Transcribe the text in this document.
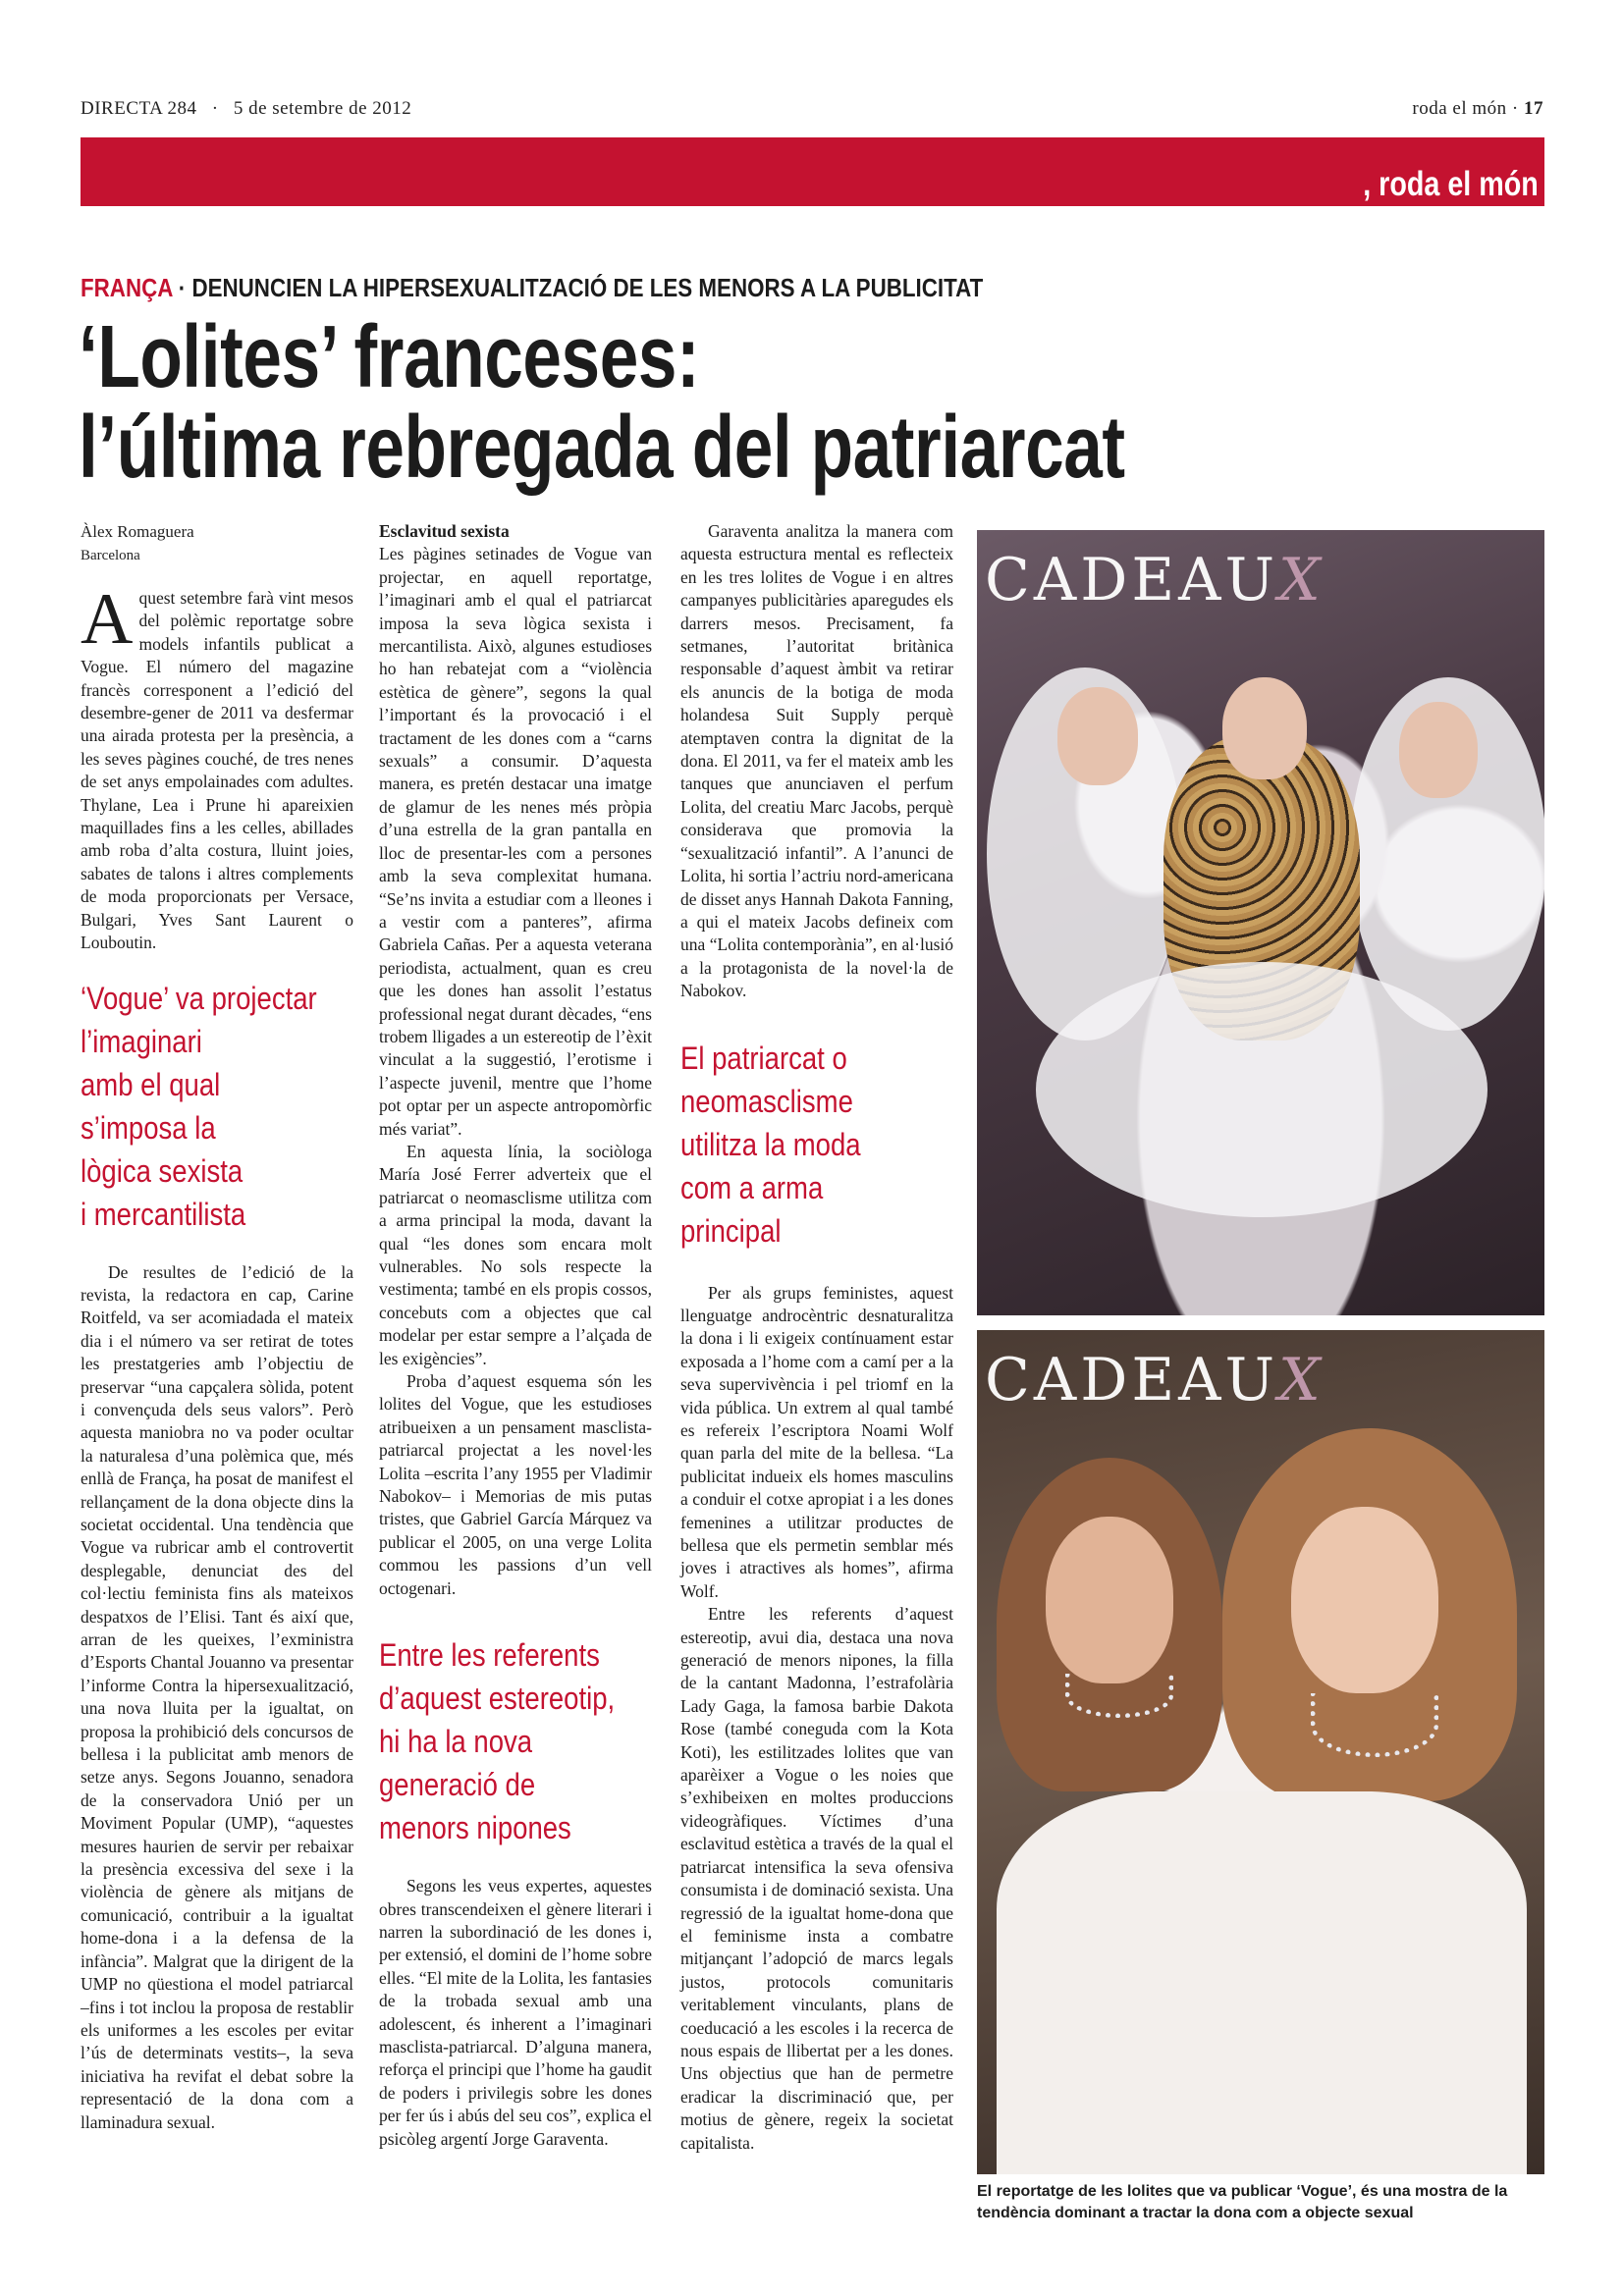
DIRECTA 284 · 5 de setembre de 2012	roda el món · 17
, roda el món
FRANÇA · DENUNCIEN LA HIPERSEXUALITZACIÓ DE LES MENORS A LA PUBLICITAT
‘Lolites’ franceses:
l’última rebregada del patriarcat
Àlex Romaguera
Barcelona

Aquest setembre farà vint mesos del polèmic reportatge sobre models infantils publicat a Vogue. El número del magazine francès corresponent a l’edició del desembre-gener de 2011 va desfermar una airada protesta per la presència, a les seves pàgines couché, de tres nenes de set anys empolainades com adultes. Thylane, Lea i Prune hi apareixien maquillades fins a les celles, abillades amb roba d’alta costura, lluint joies, sabates de talons i altres complements de moda proporcionats per Versace, Bulgari, Yves Sant Laurent o Louboutin.

‘Vogue’ va projectar
l’imaginari
amb el qual
s’imposa la
lògica sexista
i mercantilista

De resultes de l’edició de la revista, la redactora en cap, Carine Roitfeld, va ser acomiadada el mateix dia i el número va ser retirat de totes les prestatgeries amb l’objectiu de preservar “una capçalera sòlida, potent i convençuda dels seus valors”. Però aquesta maniobra no va poder ocultar la naturalesa d’una polèmica que, més enllà de França, ha posat de manifest el rellançament de la dona objecte dins la societat occidental. Una tendència que Vogue va rubricar amb el controvertit desplegable, denunciat des del col·lectiu feminista fins als mateixos despatxos de l’Elisi. Tant és així que, arran de les queixes, l’exministra d’Esports Chantal Jouanno va presentar l’informe Contra la hipersexualització, una nova lluita per la igualtat, on proposa la prohibició dels concursos de bellesa i la publicitat amb menors de setze anys. Segons Jouanno, senadora de la conservadora Unió per un Moviment Popular (UMP), “aquestes mesures haurien de servir per rebaixar la presència excessiva del sexe i la violència de gènere als mitjans de comunicació, contribuir a la igualtat home-dona i a la defensa de la infància”. Malgrat que la dirigent de la UMP no qüestiona el model patriarcal –fins i tot inclou la proposa de restablir els uniformes a les escoles per evitar l’ús de determinats vestits–, la seva iniciativa ha revifat el debat sobre la representació de la dona com a llaminadura sexual.

Esclavitud sexista

Les pàgines setinades de Vogue van projectar, en aquell reportatge, l’imaginari amb el qual el patriarcat imposa la seva lògica sexista i mercantilista. Això, algunes estudioses ho han rebatejat com a “violència estètica de gènere”, segons la qual l’important és la provocació i el tractament de les dones com a “carns sexuals” a consumir. D’aquesta manera, es pretén destacar una imatge de glamur de les nenes més pròpia d’una estrella de la gran pantalla en lloc de presentar-les com a persones amb la seva complexitat humana. “Se’ns invita a estudiar com a lleones i a vestir com a panteres”, afirma Gabriela Cañas. Per a aquesta veterana periodista, actualment, quan es creu que les dones han assolit l’estatus professional negat durant dècades, “ens trobem lligades a un estereotip de l’èxit vinculat a la suggestió, l’erotisme i l’aspecte juvenil, mentre que l’home pot optar per un aspecte antropomòrfic més variat”.

En aquesta línia, la sociòloga María José Ferrer adverteix que el patriarcat o neomasclisme utilitza com a arma principal la moda, davant la qual “les dones som encara molt vulnerables. No sols respecte la vestimenta; també en els propis cossos, concebuts com a objectes que cal modelar per estar sempre a l’alçada de les exigències”.

Proba d’aquest esquema són les lolites del Vogue, que les estudioses atribueixen a un pensament masclista-patriarcal projectat a les novel·les Lolita –escrita l’any 1955 per Vladimir Nabokov– i Memorias de mis putas tristes, que Gabriel García Márquez va publicar el 2005, on una verge Lolita commou les passions d’un vell octogenari.

Entre les referents
d’aquest estereotip,
hi ha la nova
generació de
menors nipones

Segons les veus expertes, aquestes obres transcendeixen el gènere literari i narren la subordinació de les dones i, per extensió, el domini de l’home sobre elles. “El mite de la Lolita, les fantasies de la trobada sexual amb una adolescent, és inherent a l’imaginari masclista-patriarcal. D’alguna manera, reforça el principi que l’home ha gaudit de poders i privilegis sobre les dones per fer ús i abús del seu cos”, explica el psicòleg argentí Jorge Garaventa.

Garaventa analitza la manera com aquesta estructura mental es reflecteix en les tres lolites de Vogue i en altres campanyes publicitàries aparegudes els darrers mesos. Precisament, fa setmanes, l’autoritat britànica responsable d’aquest àmbit va retirar els anuncis de la botiga de moda holandesa Suit Supply perquè atemptaven contra la dignitat de la dona. El 2011, va fer el mateix amb les tanques que anunciaven el perfum Lolita, del creatiu Marc Jacobs, perquè considerava que promovia la “sexualització infantil”. A l’anunci de Lolita, hi sortia l’actriu nord-americana de disset anys Hannah Dakota Fanning, a qui el mateix Jacobs defineix com una “Lolita contemporània”, en al·lusió a la protagonista de la novel·la de Nabokov.

El patriarcat o
neomasclisme
utilitza la moda
com a arma
principal

Per als grups feministes, aquest llenguatge androcèntric desnaturalitza la dona i li exigeix contínuament estar exposada a l’home com a camí per a la seva supervivència i pel triomf en la vida pública. Un extrem al qual també es refereix l’escriptora Noami Wolf quan parla del mite de la bellesa. “La publicitat indueix els homes masculins a conduir el cotxe apropiat i a les dones femenines a utilitzar productes de bellesa que els permetin semblar més joves i atractives als homes”, afirma Wolf.

Entre les referents d’aquest estereotip, avui dia, destaca una nova generació de menors nipones, la filla de la cantant Madonna, l’estrafolària Lady Gaga, la famosa barbie Dakota Rose (també coneguda com la Kota Koti), les estilitzades lolites que van aparèixer a Vogue o les noies que s’exhibeixen en moltes produccions videogràfiques. Víctimes d’una esclavitud estètica a través de la qual el patriarcat intensifica la seva ofensiva consumista i de dominació sexista. Una regressió de la igualtat home-dona que el feminisme insta a combatre mitjançant l’adopció de marcs legals justos, protocols comunitaris veritablement vinculants, plans de coeducació a les escoles i la recerca de nous espais de llibertat per a les dones. Uns objectius que han de permetre eradicar la discriminació que, per motius de gènere, regeix la societat capitalista.

CADEAUX
CADEAUX
El reportatge de les lolites que va publicar ‘Vogue’, és una mostra de la tendència dominant a tractar la dona com a objecte sexual
